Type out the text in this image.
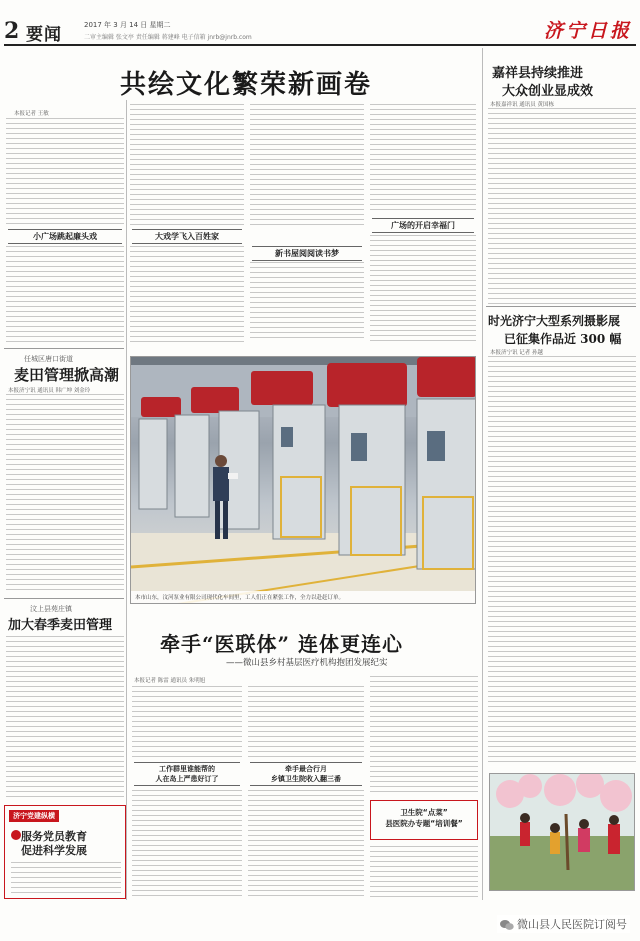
2 要闻	2017 年 3 月 14 日 星期二
二审主编辑 张文亭 责任编辑 蒋建峰 电子信箱 jnrb@jnrb.com	济宁日报
共绘文化繁荣新画卷
本报记者 王敏
小广场跳起廉头戏	大戏学飞入百姓家
新书屋阅阅读书梦
广场的开启幸福门
任城区唐口街道
麦田管理掀高潮
本报济宁讯 通讯员 韩广坤 刘金玲
汶上县苑庄镇
加大春季麦田管理
济宁党建纵横
服务党员教育
促进科学发展
本市山东，汶河泵业有限公司现代化车间里，工人们正在紧张工作，全力以赴赶订单。
牵手“医联体” 连体更连心
——微山县乡村基层医疗机构抱团发展纪实
本报记者 陈雷 通讯员 朱明旭
工作群里谁能帮的
人在岛上严患好订了
牵手最合行月
乡镇卫生院收入翻三番
卫生院“点菜”
县医院办专题“培训餐”
嘉祥县持续推进
大众创业显成效
本报嘉祥讯 通讯员 黄国栋
时光济宁大型系列摄影展
已征集作品近 300 幅
本报济宁讯 记者 孙越
微山县人民医院订阅号
